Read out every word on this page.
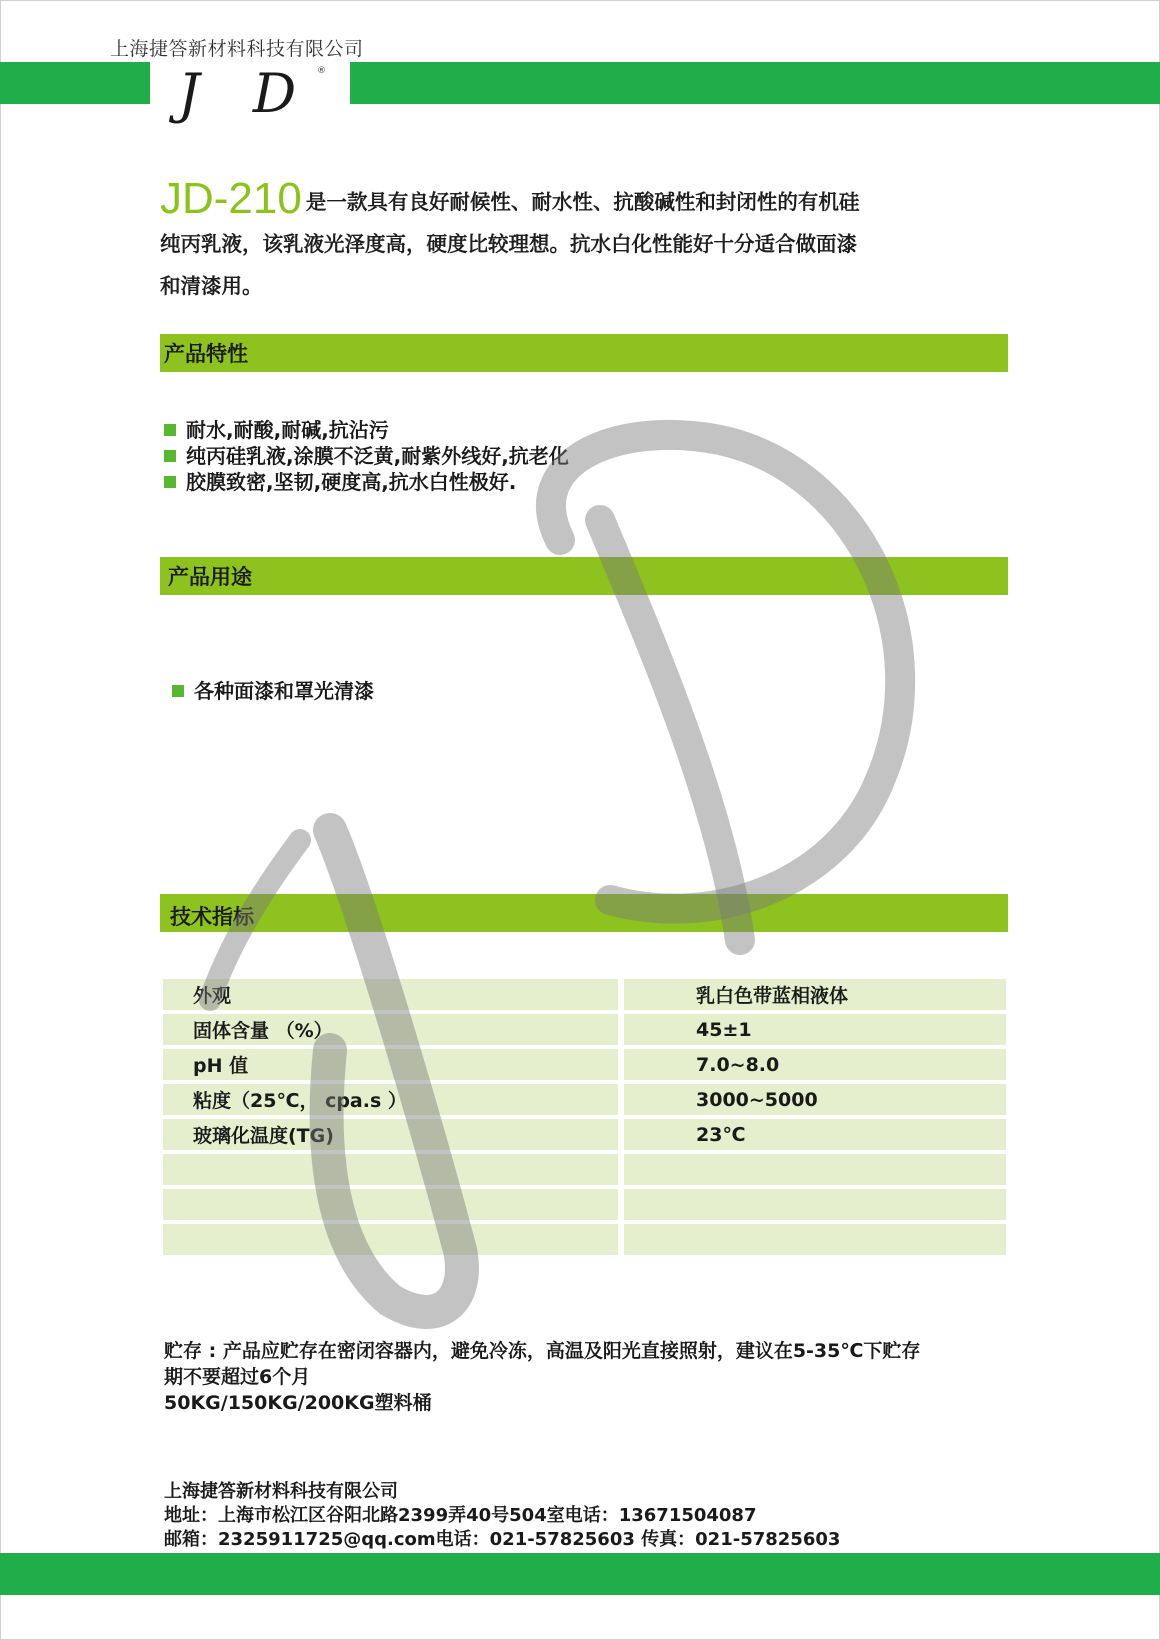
上海捷答新材料科技有限公司
J D ®
JD-210 是一款具有良好耐候性、耐水性、抗酸碱性和封闭性的有机硅
纯丙乳液，该乳液光泽度高，硬度比较理想。抗水白化性能好十分适合做面漆
和清漆用。
产品特性
耐水,耐酸,耐碱,抗沾污
纯丙硅乳液,涂膜不泛黄,耐紫外线好,抗老化
胶膜致密,坚韧,硬度高,抗水白性极好.
产品用途
各种面漆和罩光清漆
技术指标
外观	乳白色带蓝相液体
固体含量 （%）	45±1
pH 值	7.0~8.0
粘度（25℃， cpa.s ）	3000~5000
玻璃化温度(TG)	23℃

贮存 : 产品应贮存在密闭容器内，避免冷冻，高温及阳光直接照射，建议在5-35℃下贮存
期不要超过6个月
50KG/150KG/200KG塑料桶
上海捷答新材料科技有限公司
地址：上海市松江区谷阳北路2399弄40号504室电话：13671504087
邮箱：2325911725@qq.com电话：021-57825603 传真：021-57825603
